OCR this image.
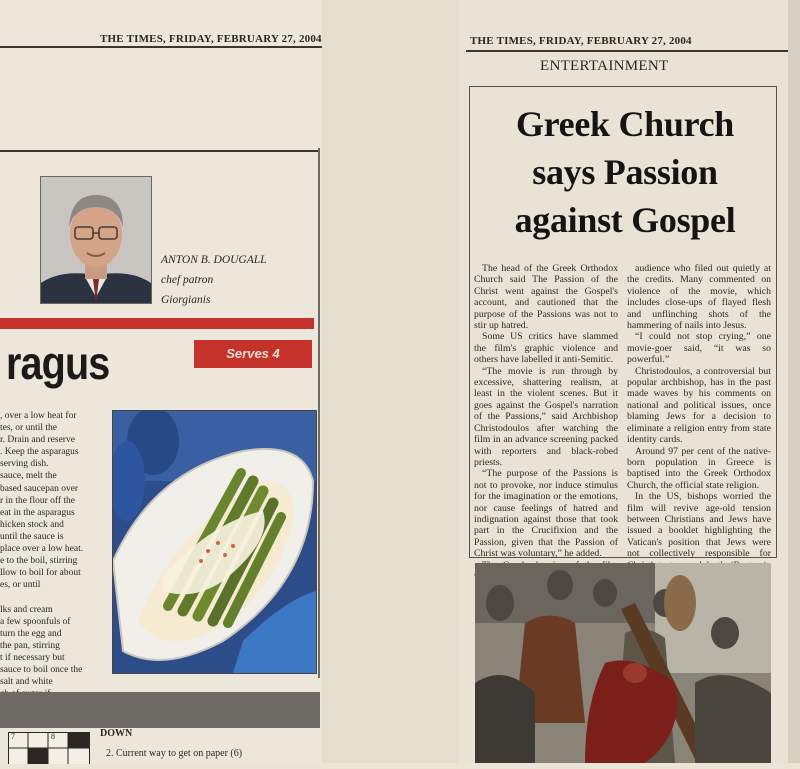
THE TIMES, FRIDAY, FEBRUARY 27, 2004
ANTON B. DOUGALL
chef patron
Giorgianis
ragus	Serves 4
, over a low heat for
tes, or until the
r. Drain and reserve
. Keep the asparagus
serving dish.
sauce, melt the
based saucepan over
r in the flour off the
eat in the asparagus
hicken stock and
until the sauce is
place over a low heat.
e to the boil, stirring
llow to boil for about
es, or until
lks and cream
a few spoonfuls of
turn the egg and
the pan, stirring
t if necessary but
sauce to boil once the
salt and white
7	8	DOWN
2. Current way to get on paper (6)
THE TIMES, FRIDAY, FEBRUARY 27, 2004
ENTERTAINMENT
Greek Church
says Passion
against Gospel

The head of the Greek Orthodox Church said The Passion of the Christ went against the Gospel's account, and cautioned that the purpose of the Passions was not to stir up hatred.

Some US critics have slammed the film's graphic violence and others have labelled it anti-Semitic.

“The movie is run through by excessive, shattering realism, at least in the violent scenes. But it goes against the Gospel's narration of the Passions,” said Archbishop Christodoulos after watching the film in an advance screening packed with reporters and black-robed priests.

“The purpose of the Passions is not to provoke, nor induce stimulus for the imagination or the emotions, nor cause feelings of hatred and indignation against those that took part in the Crucifixion and the Passion, given that the Passion of Christ was voluntary,” he added.

audience who filed out quietly at the credits. Many commented on violence of the movie, which includes close-ups of flayed flesh and unflinching shots of the hammering of nails into Jesus.

“I could not stop crying,” one movie-goer said, “it was so powerful.”

Christodoulos, a controversial but popular archbishop, has in the past made waves by his comments on national and political issues, once blaming Jews for a decision to eliminate a religion entry from state identity cards.

Around 97 per cent of the native-born population in Greece is baptised into the Greek Orthodox Church, the official state religion.

In the US, bishops worried the film will revive age-old tension between Christians and Jews have issued a booklet highlighting the Vatican's position that Jews were not collectively responsible for
